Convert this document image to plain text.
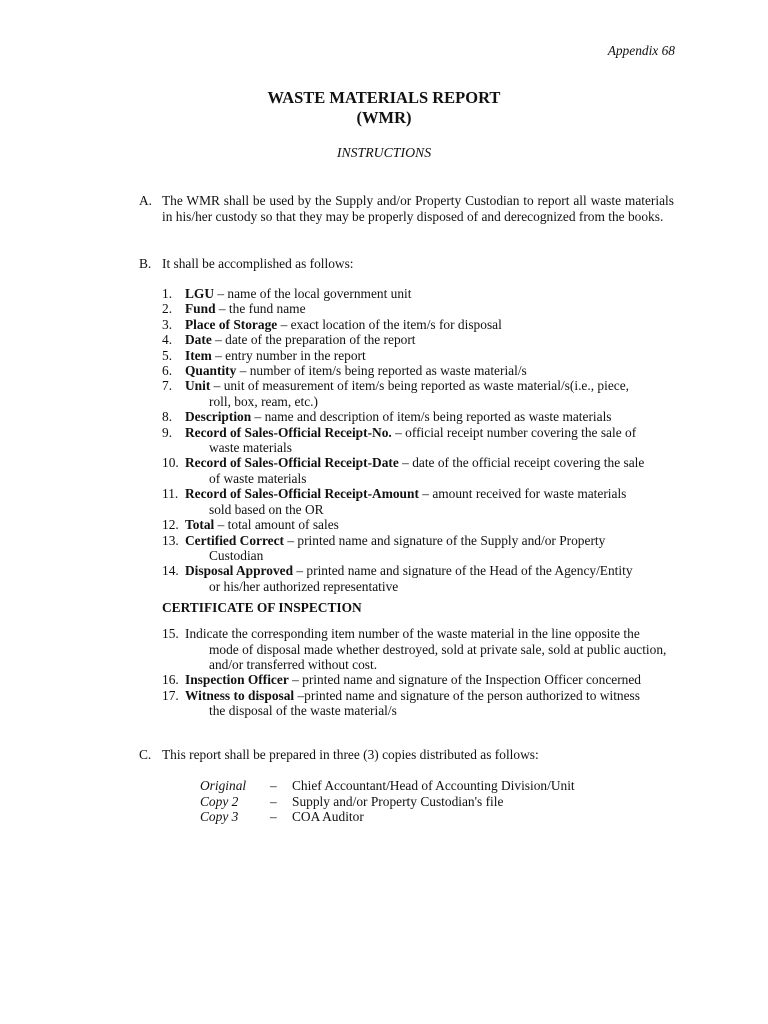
Appendix 68
WASTE MATERIALS REPORT
(WMR)
INSTRUCTIONS
A. The WMR shall be used by the Supply and/or Property Custodian to report all waste materials in his/her custody so that they may be properly disposed of and derecognized from the books.
B. It shall be accomplished as follows:
1. LGU – name of the local government unit
2. Fund – the fund name
3. Place of Storage – exact location of the item/s for disposal
4. Date – date of the preparation of the report
5. Item – entry number in the report
6. Quantity – number of item/s being reported as waste material/s
7. Unit – unit of measurement of item/s being reported as waste material/s(i.e., piece,
roll, box, ream, etc.)
8. Description – name and description of item/s being reported as waste materials
9. Record of Sales-Official Receipt-No. – official receipt number covering the sale of
waste materials
10. Record of Sales-Official Receipt-Date – date of the official receipt covering the sale
of waste materials
11. Record of Sales-Official Receipt-Amount – amount received for waste materials
sold based on the OR
12. Total – total amount of sales
13. Certified Correct – printed name and signature of the Supply and/or Property
Custodian
14. Disposal Approved – printed name and signature of the Head of the Agency/Entity
or his/her authorized representative
CERTIFICATE OF INSPECTION
15. Indicate the corresponding item number of the waste material in the line opposite the
mode of disposal made whether destroyed, sold at private sale, sold at public auction, and/or transferred without cost.
16. Inspection Officer – printed name and signature of the Inspection Officer concerned
17. Witness to disposal –printed name and signature of the person authorized to witness
the disposal of the waste material/s
C. This report shall be prepared in three (3) copies distributed as follows:
Original	–	Chief Accountant/Head of Accounting Division/Unit
Copy 2	–	Supply and/or Property Custodian's file
Copy 3	–	COA Auditor
